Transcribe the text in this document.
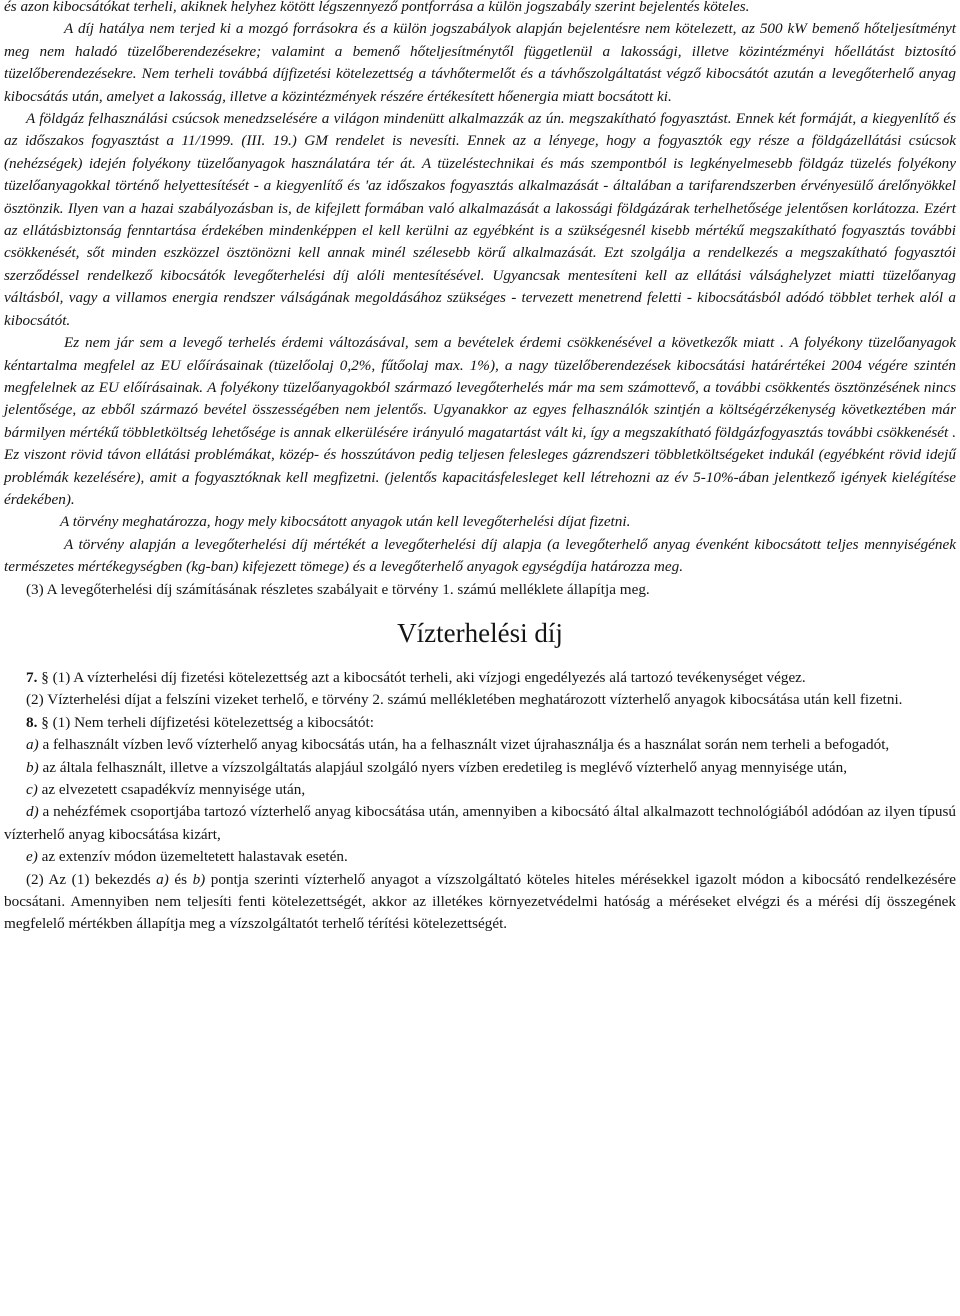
és azon kibocsátókat terheli, akiknek helyhez kötött légszennyező pontforrása a külön jogszabály szerint bejelentés köteles.

A díj hatálya nem terjed ki a mozgó forrásokra és a külön jogszabályok alapján bejelentésre nem kötelezett, az 500 kW bemenő hőteljesítményt meg nem haladó tüzelőberendezésekre; valamint a bemenő hőteljesítménytől függetlenül a lakossági, illetve közintézményi hőellátást biztosító tüzelőberendezésekre. Nem terheli továbbá díjfizetési kötelezettség a távhőtermelőt és a távhőszolgáltatást végző kibocsátót azután a levegőterhelő anyag kibocsátás után, amelyet a lakosság, illetve a közintézmények részére értékesített hőenergia miatt bocsátott ki.

A földgáz felhasználási csúcsok menedzselésére a világon mindenütt alkalmazzák az ún. megszakítható fogyasztást. Ennek két formáját, a kiegyenlítő és az időszakos fogyasztást a 11/1999. (III. 19.) GM rendelet is nevesíti. Ennek az a lényege, hogy a fogyasztók egy része a földgázellátási csúcsok (nehézségek) idején folyékony tüzelőanyagok használatára tér át. A tüzeléstechnikai és más szempontból is legkényelmesebb földgáz tüzelés folyékony tüzelőanyagokkal történő helyettesítését - a kiegyenlítő és 'az időszakos fogyasztás alkalmazását - általában a tarifarendszerben érvényesülő árelőnyökkel ösztönzik. Ilyen van a hazai szabályozásban is, de kifejlett formában való alkalmazását a lakossági földgázárak terhelhetősége jelentősen korlátozza. Ezért az ellátásbiztonság fenntartása érdekében mindenképpen el kell kerülni az egyébként is a szükségesnél kisebb mértékű megszakítható fogyasztás további csökkenését, sőt minden eszközzel ösztönözni kell annak minél szélesebb körű alkalmazását. Ezt szolgálja a rendelkezés a megszakítható fogyasztói szerződéssel rendelkező kibocsátók levegőterhelési díj alóli mentesítésével. Ugyancsak mentesíteni kell az ellátási válsághelyzet miatti tüzelőanyag váltásból, vagy a villamos energia rendszer válságának megoldásához szükséges - tervezett menetrend feletti - kibocsátásból adódó többlet terhek alól a kibocsátót.

Ez nem jár sem a levegő terhelés érdemi változásával, sem a bevételek érdemi csökkenésével a következők miatt . A folyékony tüzelőanyagok kéntartalma megfelel az EU előírásainak (tüzelőolaj 0,2%, fűtőolaj max. 1%), a nagy tüzelőberendezések kibocsátási határértékei 2004 végére szintén megfelelnek az EU előírásainak. A folyékony tüzelőanyagokból származó levegőterhelés már ma sem számottevő, a további csökkentés ösztönzésének nincs jelentősége, az ebből származó bevétel összességében nem jelentős. Ugyanakkor az egyes felhasználók szintjén a költségérzékenység következtében már bármilyen mértékű többletköltség lehetősége is annak elkerülésére irányuló magatartást vált ki, így a megszakítható földgázfogyasztás további csökkenését . Ez viszont rövid távon ellátási problémákat, közép- és hosszútávon pedig teljesen felesleges gázrendszeri többletköltségeket indukál (egyébként rövid idejű problémák kezelésére), amit a fogyasztóknak kell megfizetni. (jelentős kapacitásfelesleget kell létrehozni az év 5-10%-ában jelentkező igények kielégítése érdekében).

A törvény meghatározza, hogy mely kibocsátott anyagok után kell levegőterhelési díjat fizetni.

A törvény alapján a levegőterhelési díj mértékét a levegőterhelési díj alapja (a levegőterhelő anyag évenként kibocsátott teljes mennyiségének természetes mértékegységben (kg-ban) kifejezett tömege) és a levegőterhelő anyagok egységdíja határozza meg.

(3) A levegőterhelési díj számításának részletes szabályait e törvény 1. számú melléklete állapítja meg.

Vízterhelési díj

7. § (1) A vízterhelési díj fizetési kötelezettség azt a kibocsátót terheli, aki vízjogi engedélyezés alá tartozó tevékenységet végez.

(2) Vízterhelési díjat a felszíni vizeket terhelő, e törvény 2. számú mellékletében meghatározott vízterhelő anyagok kibocsátása után kell fizetni.

8. § (1) Nem terheli díjfizetési kötelezettség a kibocsátót:

a) a felhasznált vízben levő vízterhelő anyag kibocsátás után, ha a felhasznált vizet újrahasználja és a használat során nem terheli a befogadót,

b) az általa felhasznált, illetve a vízszolgáltatás alapjául szolgáló nyers vízben eredetileg is meglévő vízterhelő anyag mennyisége után,

c) az elvezetett csapadékvíz mennyisége után,

d) a nehézfémek csoportjába tartozó vízterhelő anyag kibocsátása után, amennyiben a kibocsátó által alkalmazott technológiából adódóan az ilyen típusú vízterhelő anyag kibocsátása kizárt,

e) az extenzív módon üzemeltetett halastavak esetén.

(2) Az (1) bekezdés a) és b) pontja szerinti vízterhelő anyagot a vízszolgáltató köteles hiteles mérésekkel igazolt módon a kibocsátó rendelkezésére bocsátani. Amennyiben nem teljesíti fenti kötelezettségét, akkor az illetékes környezetvédelmi hatóság a méréseket elvégzi és a mérési díj összegének megfelelő mértékben állapítja meg a vízszolgáltatót terhelő térítési kötelezettségét.
